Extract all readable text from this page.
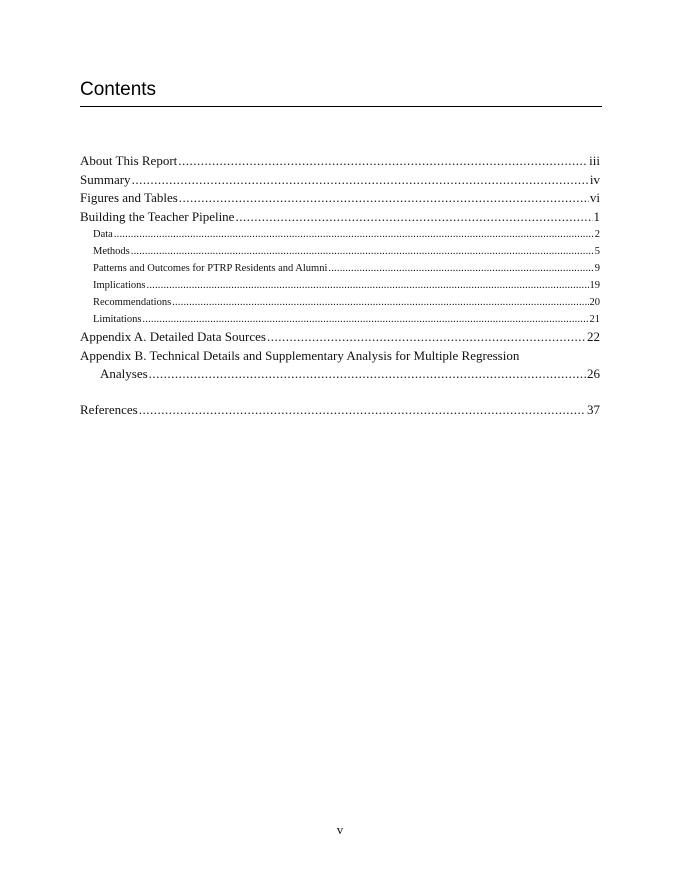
Contents
About This Report .....	iii
Summary .....	iv
Figures and Tables .....	vi
Building the Teacher Pipeline .....	1
Data .....	2
Methods .....	5
Patterns and Outcomes for PTRP Residents and Alumni .....	9
Implications .....	19
Recommendations .....	20
Limitations .....	21
Appendix A. Detailed Data Sources .....	22
Appendix B. Technical Details and Supplementary Analysis for Multiple Regression
Analyses .....	26
References .....	37
v
